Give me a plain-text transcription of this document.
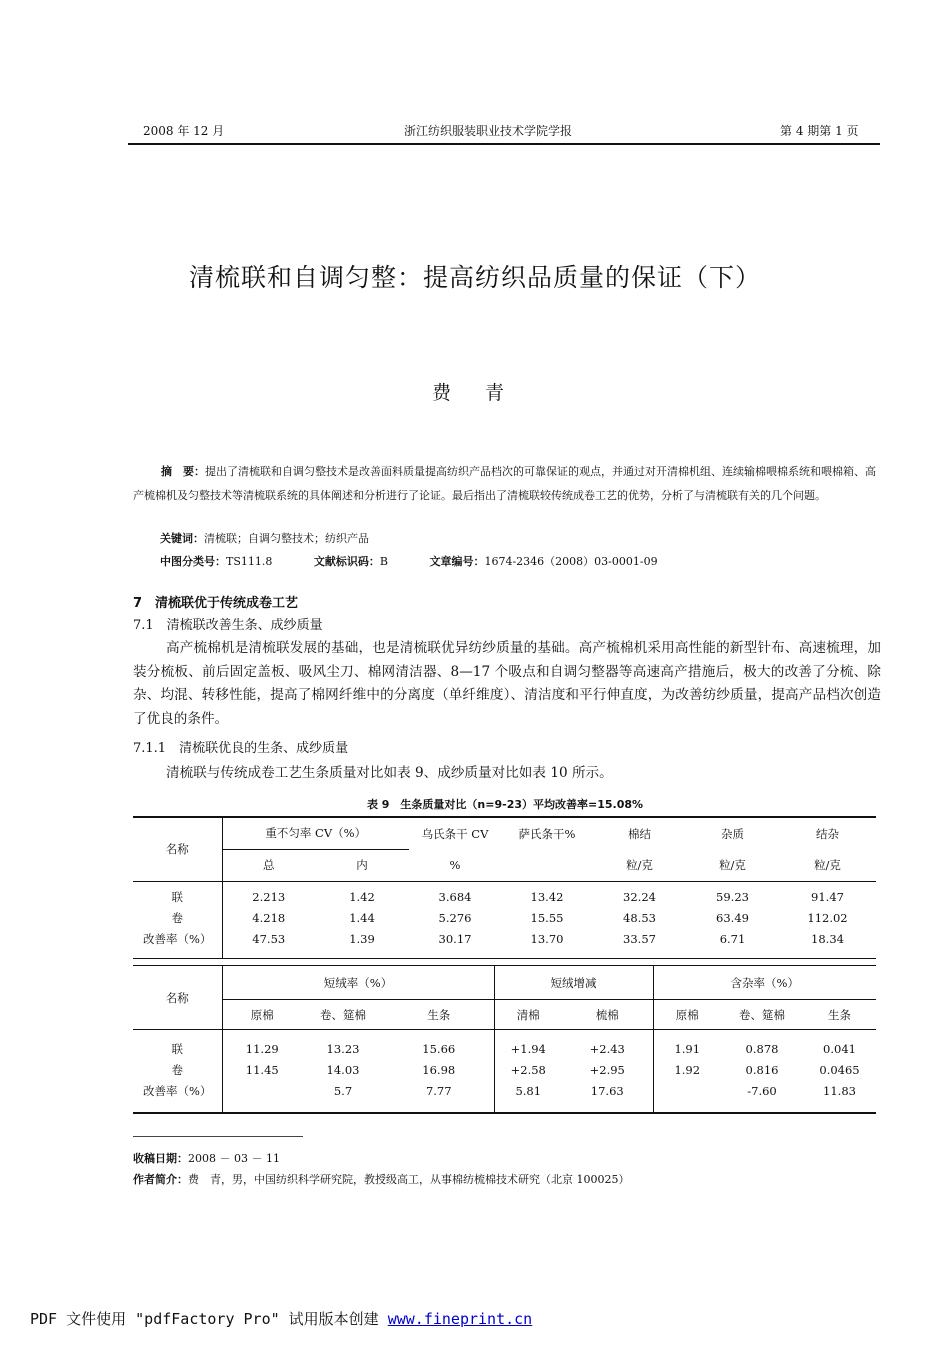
2008 年 12 月	浙江纺织服装职业技术学院学报	第 4 期第 1 页
清梳联和自调匀整：提高纺织品质量的保证（下）
费 青
摘　要：提出了清梳联和自调匀整技术是改善面料质量提高纺织产品档次的可靠保证的观点，并通过对开清棉机组、连续输棉喂棉系统和喂棉箱、高产梳棉机及匀整技术等清梳联系统的具体阐述和分析进行了论证。最后指出了清梳联较传统成卷工艺的优势，分析了与清梳联有关的几个问题。
关键词：清梳联；自调匀整技术；纺织产品
中图分类号：TS111.8	文献标识码：B	文章编号：1674-2346（2008）03-0001-09
7　清梳联优于传统成卷工艺
7.1　清梳联改善生条、成纱质量
高产梳棉机是清梳联发展的基础，也是清梳联优异纺纱质量的基础。高产梳棉机采用高性能的新型针布、高速梳理，加装分梳板、前后固定盖板、吸风尘刀、棉网清洁器、8—17 个吸点和自调匀整器等高速高产措施后，极大的改善了分梳、除杂、均混、转移性能，提高了棉网纤维中的分离度（单纤维度）、清洁度和平行伸直度，为改善纺纱质量，提高产品档次创造了优良的条件。
7.1.1　清梳联优良的生条、成纱质量
清梳联与传统成卷工艺生条质量对比如表 9、成纱质量对比如表 10 所示。
表 9　生条质量对比（n=9-23）平均改善率=15.08%
名称	重不匀率 CV（%）		乌氏条干 CV	萨氏条干%	棉结	杂质	结杂
	总	内	%		粒/克	粒/克	粒/克
联	2.213	1.42	3.684	13.42	32.24	59.23	91.47
卷	4.218	1.44	5.276	15.55	48.53	63.49	112.02
改善率（%）	47.53	1.39	30.17	13.70	33.57	6.71	18.34
名称	短绒率（%）			短绒增减		含杂率（%）		
	原棉	卷、筵棉	生条	清棉	梳棉	原棉	卷、筵棉	生条
联	11.29	13.23	15.66	+1.94	+2.43	1.91	0.878	0.041
卷	11.45	14.03	16.98	+2.58	+2.95	1.92	0.816	0.0465
改善率（%）		5.7	7.77	5.81	17.63		-7.60	11.83
收稿日期：2008 － 03 － 11
作者简介：费　青，男，中国纺织科学研究院，教授级高工，从事棉纺梳棉技术研究（北京 100025）
PDF 文件使用 "pdfFactory Pro" 试用版本创建 www.fineprint.cn
